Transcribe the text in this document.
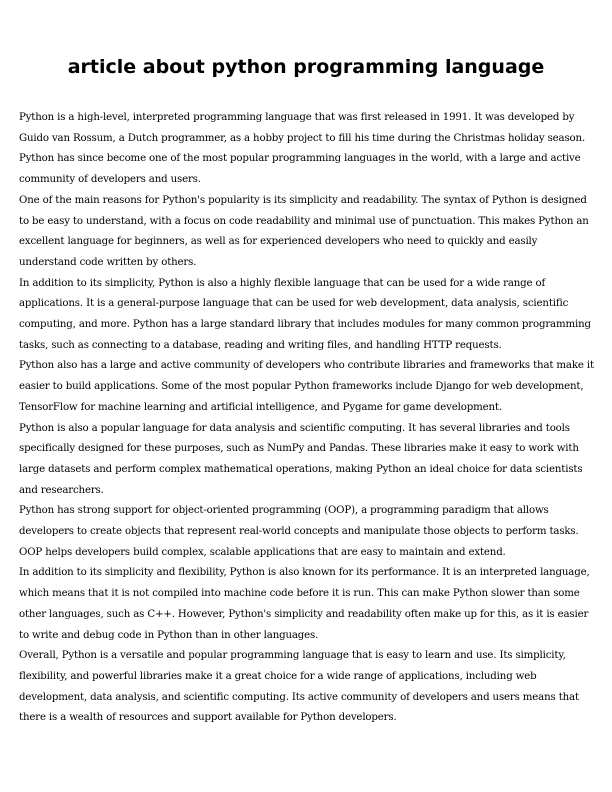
article about python programming language

Python is a high-level, interpreted programming language that was first released in 1991. It was developed by Guido van Rossum, a Dutch programmer, as a hobby project to fill his time during the Christmas holiday season. Python has since become one of the most popular programming languages in the world, with a large and active community of developers and users.

One of the main reasons for Python's popularity is its simplicity and readability. The syntax of Python is designed to be easy to understand, with a focus on code readability and minimal use of punctuation. This makes Python an excellent language for beginners, as well as for experienced developers who need to quickly and easily understand code written by others.

In addition to its simplicity, Python is also a highly flexible language that can be used for a wide range of applications. It is a general-purpose language that can be used for web development, data analysis, scientific computing, and more. Python has a large standard library that includes modules for many common programming tasks, such as connecting to a database, reading and writing files, and handling HTTP requests.

Python also has a large and active community of developers who contribute libraries and frameworks that make it easier to build applications. Some of the most popular Python frameworks include Django for web development, TensorFlow for machine learning and artificial intelligence, and Pygame for game development.

Python is also a popular language for data analysis and scientific computing. It has several libraries and tools specifically designed for these purposes, such as NumPy and Pandas. These libraries make it easy to work with large datasets and perform complex mathematical operations, making Python an ideal choice for data scientists and researchers.

Python has strong support for object-oriented programming (OOP), a programming paradigm that allows developers to create objects that represent real-world concepts and manipulate those objects to perform tasks. OOP helps developers build complex, scalable applications that are easy to maintain and extend.

In addition to its simplicity and flexibility, Python is also known for its performance. It is an interpreted language, which means that it is not compiled into machine code before it is run. This can make Python slower than some other languages, such as C++. However, Python's simplicity and readability often make up for this, as it is easier to write and debug code in Python than in other languages.

Overall, Python is a versatile and popular programming language that is easy to learn and use. Its simplicity, flexibility, and powerful libraries make it a great choice for a wide range of applications, including web development, data analysis, and scientific computing. Its active community of developers and users means that there is a wealth of resources and support available for Python developers.
